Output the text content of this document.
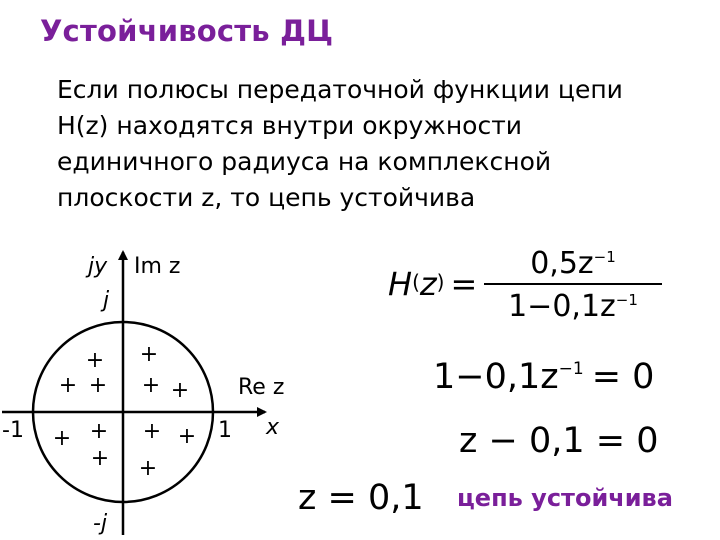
Устойчивость ДЦ
Если полюсы передаточной функции цепи
Н(z) находятся внутри окружности
единичного радиуса на комплексной
плоскости z, то цепь устойчива
jy Im z
j
Re z
x
-1	1
-j
+ +
+ + + +
+ + + +
+ +
$H(z) = \frac{0,5z^{-1}}{1-0,1z^{-1}}$
$1-0,1z^{-1} = 0$
z − 0,1 = 0
z = 0,1 цепь устойчива
